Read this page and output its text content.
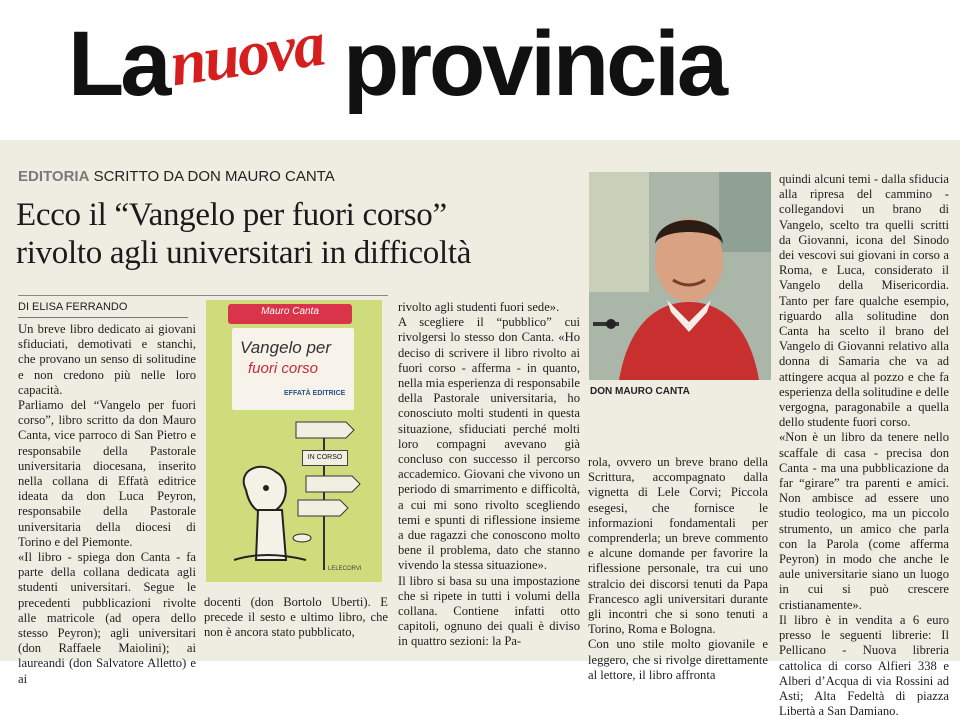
La provincia
nuova
EDITORIA SCRITTO DA DON MAURO CANTA
Ecco il “Vangelo per fuori corso”
rivolto agli universitari in difficoltà
DI ELISA FERRANDO

Un breve libro dedicato ai giovani sfiduciati, demotivati e stanchi, che provano un senso di solitudine e non credono più nelle loro capacità.

Parliamo del “Vangelo per fuori corso”, libro scritto da don Mauro Canta, vice parroco di San Pietro e responsabile della Pastorale universitaria diocesana, inserito nella collana di Effatà editrice ideata da don Luca Peyron, responsabile della Pastorale universitaria della diocesi di Torino e del Piemonte.

«Il libro - spiega don Canta - fa parte della collana dedicata agli studenti universitari. Segue le precedenti pubblicazioni rivolte alle matricole (ad opera dello stesso Peyron); agli universitari (don Raffaele Maiolini); ai laureandi (don Salvatore Alletto) e ai

Mauro Canta
Vangelo per
fuori corso
EFFATÀ EDITRICE
IN CORSO
LELECORVI

docenti (don Bortolo Uberti). E precede il sesto e ultimo libro, che non è ancora stato pubblicato,

rivolto agli studenti fuori sede».

A scegliere il “pubblico” cui rivolgersi lo stesso don Canta. «Ho deciso di scrivere il libro rivolto ai fuori corso - afferma - in quanto, nella mia esperienza di responsabile della Pastorale universitaria, ho conosciuto molti studenti in questa situazione, sfiduciati perché molti loro compagni avevano già concluso con successo il percorso accademico. Giovani che vivono un periodo di smarrimento e difficoltà, a cui mi sono rivolto scegliendo temi e spunti di riflessione insieme a due ragazzi che conoscono molto bene il problema, dato che stanno vivendo la stessa situazione».

Il libro si basa su una impostazione che si ripete in tutti i volumi della collana. Contiene infatti otto capitoli, ognuno dei quali è diviso in quattro sezioni: la Pa-

DON MAURO CANTA

rola, ovvero un breve brano della Scrittura, accompagnato dalla vignetta di Lele Corvi; Piccola esegesi, che fornisce le informazioni fondamentali per comprenderla; un breve commento e alcune domande per favorire la riflessione personale, tra cui uno stralcio dei discorsi tenuti da Papa Francesco agli universitari durante gli incontri che si sono tenuti a Torino, Roma e Bologna.

Con uno stile molto giovanile e leggero, che si rivolge direttamente al lettore, il libro affronta

quindi alcuni temi - dalla sfiducia alla ripresa del cammino - collegandovi un brano di Vangelo, scelto tra quelli scritti da Giovanni, icona del Sinodo dei vescovi sui giovani in corso a Roma, e Luca, considerato il Vangelo della Misericordia. Tanto per fare qualche esempio, riguardo alla solitudine don Canta ha scelto il brano del Vangelo di Giovanni relativo alla donna di Samaria che va ad attingere acqua al pozzo e che fa esperienza della solitudine e delle vergogna, paragonabile a quella dello studente fuori corso.

«Non è un libro da tenere nello scaffale di casa - precisa don Canta - ma una pubblicazione da far “girare” tra parenti e amici. Non ambisce ad essere uno studio teologico, ma un piccolo strumento, un amico che parla con la Parola (come afferma Peyron) in modo che anche le aule universitarie siano un luogo in cui si può crescere cristianamente».

Il libro è in vendita a 6 euro presso le seguenti librerie: Il Pellicano - Nuova libreria cattolica di corso Alfieri 338 e Alberi d’Acqua di via Rossini ad Asti; Alta Fedeltà di piazza Libertà a San Damiano.
